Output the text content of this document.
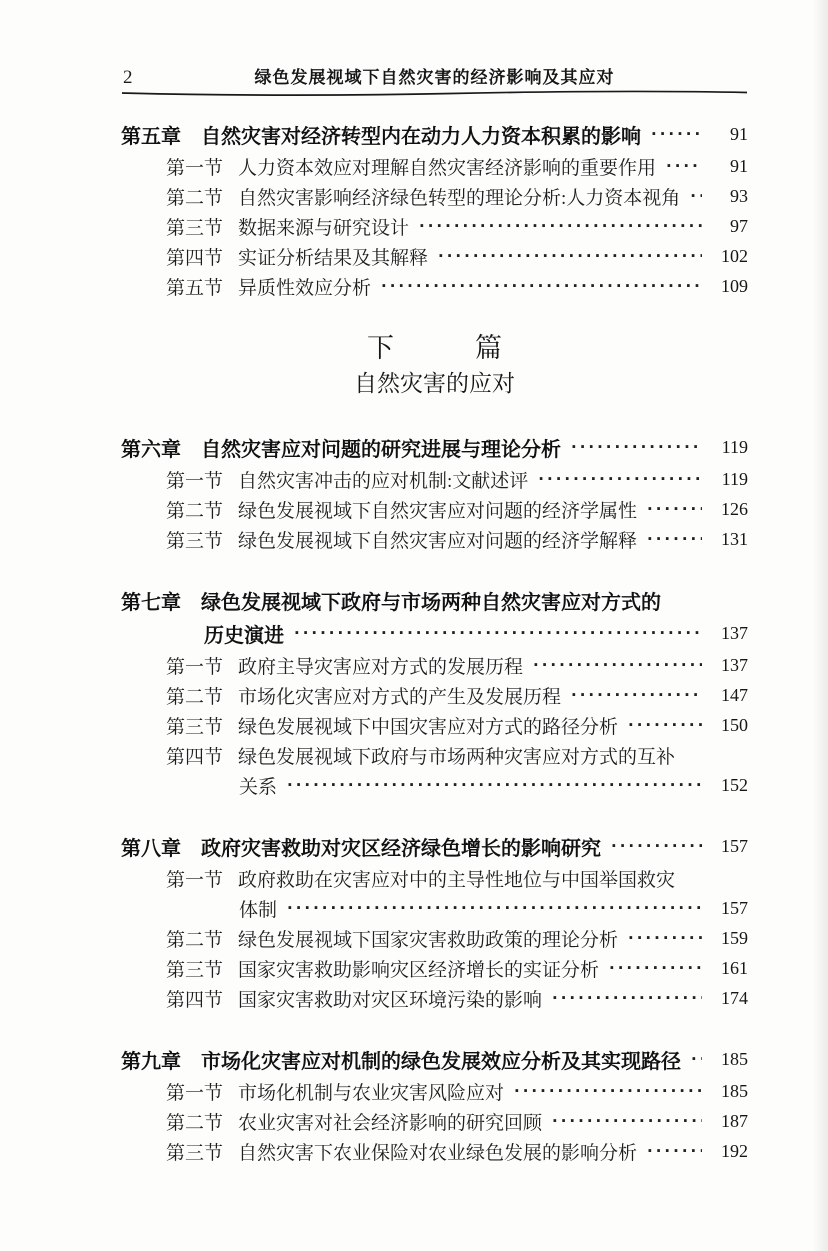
2	绿色发展视域下自然灾害的经济影响及其应对
第五章 自然灾害对经济转型内在动力人力资本积累的影响 ·····	91
第一节 人力资本效应对理解自然灾害经济影响的重要作用 ·····	91
第二节 自然灾害影响经济绿色转型的理论分析:人力资本视角 ·····	93
第三节 数据来源与研究设计 ·····	97
第四节 实证分析结果及其解释 ·····	102
第五节 异质性效应分析 ·····	109
下　　　篇
自然灾害的应对
第六章 自然灾害应对问题的研究进展与理论分析 ·····	119
第一节 自然灾害冲击的应对机制:文献述评 ·····	119
第二节 绿色发展视域下自然灾害应对问题的经济学属性 ·····	126
第三节 绿色发展视域下自然灾害应对问题的经济学解释 ·····	131
第七章 绿色发展视域下政府与市场两种自然灾害应对方式的
历史演进 ·····	137
第一节 政府主导灾害应对方式的发展历程 ·····	137
第二节 市场化灾害应对方式的产生及发展历程 ·····	147
第三节 绿色发展视域下中国灾害应对方式的路径分析 ·····	150
第四节 绿色发展视域下政府与市场两种灾害应对方式的互补
关系 ·····	152
第八章 政府灾害救助对灾区经济绿色增长的影响研究 ·····	157
第一节 政府救助在灾害应对中的主导性地位与中国举国救灾
体制 ·····	157
第二节 绿色发展视域下国家灾害救助政策的理论分析 ·····	159
第三节 国家灾害救助影响灾区经济增长的实证分析 ·····	161
第四节 国家灾害救助对灾区环境污染的影响 ·····	174
第九章 市场化灾害应对机制的绿色发展效应分析及其实现路径 ·····	185
第一节 市场化机制与农业灾害风险应对 ·····	185
第二节 农业灾害对社会经济影响的研究回顾 ·····	187
第三节 自然灾害下农业保险对农业绿色发展的影响分析 ·····	192
